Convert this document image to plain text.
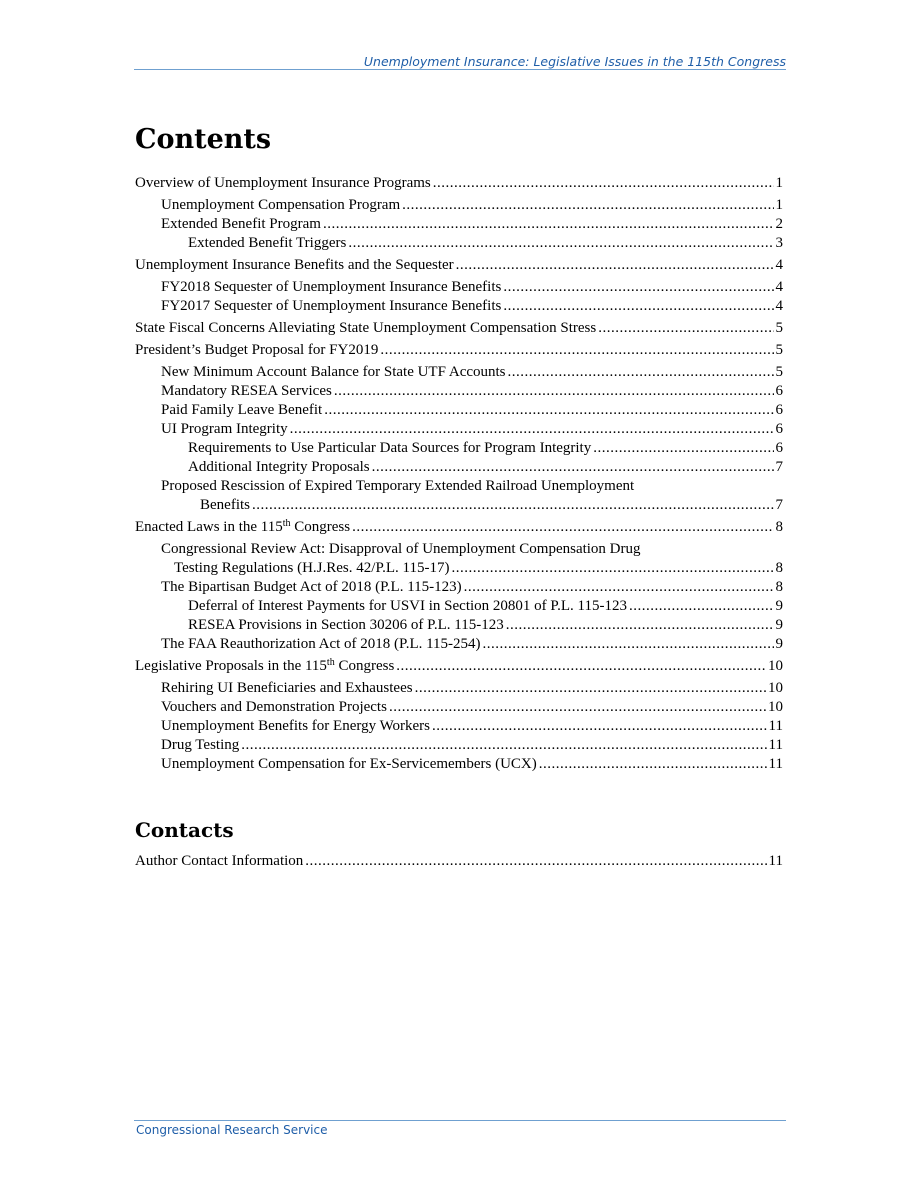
Unemployment Insurance: Legislative Issues in the 115th Congress
Contents
Overview of Unemployment Insurance Programs .....	1
Unemployment Compensation Program .....	1
Extended Benefit Program .....	2
Extended Benefit Triggers .....	3
Unemployment Insurance Benefits and the Sequester .....	4
FY2018 Sequester of Unemployment Insurance Benefits .....	4
FY2017 Sequester of Unemployment Insurance Benefits .....	4
State Fiscal Concerns Alleviating State Unemployment Compensation Stress .....	5
President’s Budget Proposal for FY2019 .....	5
New Minimum Account Balance for State UTF Accounts .....	5
Mandatory RESEA Services .....	6
Paid Family Leave Benefit .....	6
UI Program Integrity .....	6
Requirements to Use Particular Data Sources for Program Integrity .....	6
Additional Integrity Proposals .....	7
Proposed Rescission of Expired Temporary Extended Railroad Unemployment
Benefits .....	7
Enacted Laws in the 115th Congress .....	8
Congressional Review Act: Disapproval of Unemployment Compensation Drug
Testing Regulations (H.J.Res. 42/P.L. 115-17) .....	8
The Bipartisan Budget Act of 2018 (P.L. 115-123) .....	8
Deferral of Interest Payments for USVI in Section 20801 of P.L. 115-123 .....	9
RESEA Provisions in Section 30206 of P.L. 115-123 .....	9
The FAA Reauthorization Act of 2018 (P.L. 115-254) .....	9
Legislative Proposals in the 115th Congress .....	10
Rehiring UI Beneficiaries and Exhaustees .....	10
Vouchers and Demonstration Projects .....	10
Unemployment Benefits for Energy Workers .....	11
Drug Testing .....	11
Unemployment Compensation for Ex-Servicemembers (UCX) .....	11
Contacts
Author Contact Information .....	11
Congressional Research Service
